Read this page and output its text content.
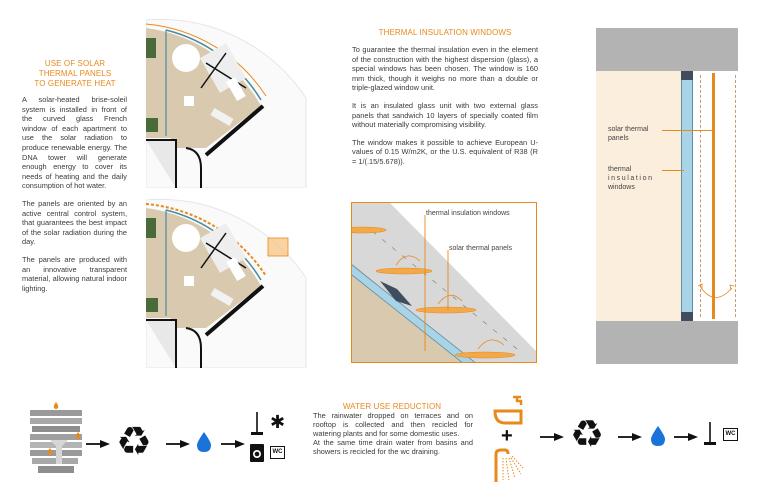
USE OF SOLAR
THERMAL PANELS
TO GENERATE HEAT

A solar-heated brise-soleil system is installed in front of the curved glass French window of each apartment to use the solar radiation to produce renewable energy. The DNA tower will generate enough energy to cover its needs of heating and the daily consumption of hot water.

The panels are oriented by an active central control system, that guarantees the best impact of the solar radiation during the day.

The panels are produced with an innovative transparent material, allowing natural indoor lighting.

THERMAL INSULATION WINDOWS

To guarantee the thermal insulation even in the element of the construction with the highest dispersion (glass), a special windows has been chosen. The window is 160 mm thick, though it weighs no more than a double or triple-glazed window unit.

It is an insulated glass unit with two external glass panels that sandwich 10 layers of specially coated film without materially compromising visibility.

The window makes it possible to achieve European U-values of 0.15 W/m2K, or the U.S. equivalent of R38 (R = 1/(.15/5.678)).

thermal insulation windows
solar thermal panels
solar thermal
panels
thermal
insulation
windows
WATER USE REDUCTION
The rainwater dropped on terraces and on rooftop is collected and then recicled for watering plants and for some domestic uses.
At the same time drain water from basins and showers is recicled for the wc draining.
♻	✱
WC
+ ♻	WC
